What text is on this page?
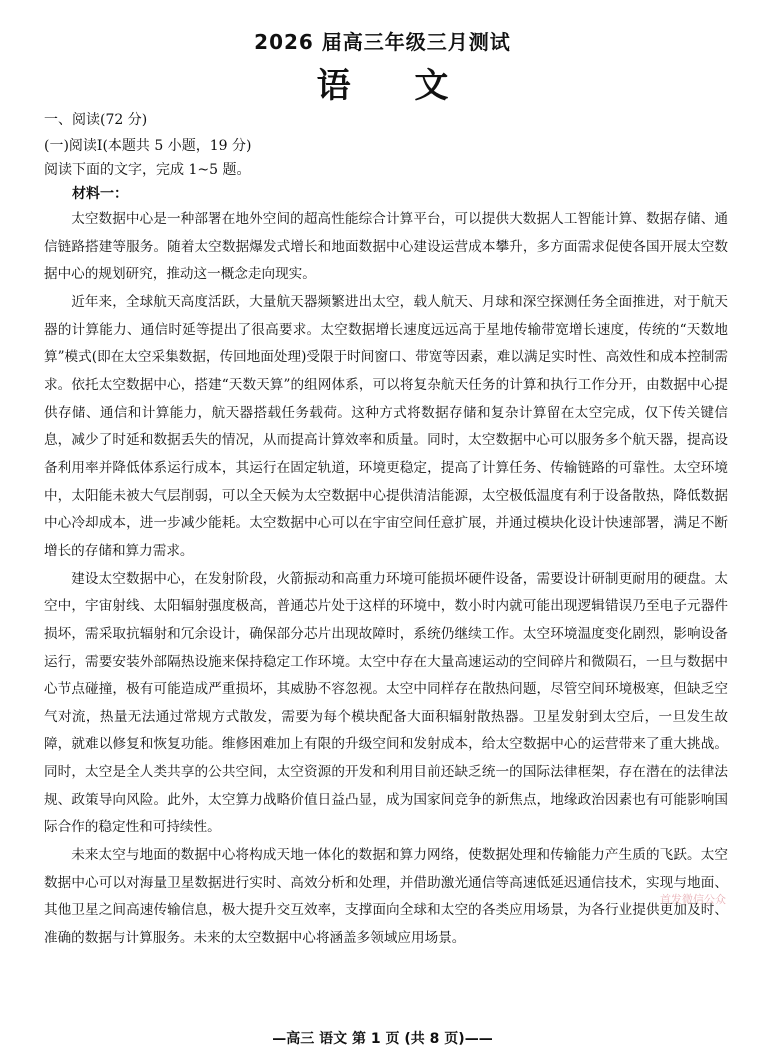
2026 届高三年级三月测试
语 文
一、阅读(72 分)
(一)阅读Ⅰ(本题共 5 小题，19 分)
阅读下面的文字，完成 1~5 题。
材料一：

太空数据中心是一种部署在地外空间的超高性能综合计算平台，可以提供大数据人工智能计算、数据存储、通信链路搭建等服务。随着太空数据爆发式增长和地面数据中心建设运营成本攀升，多方面需求促使各国开展太空数据中心的规划研究，推动这一概念走向现实。

近年来，全球航天高度活跃，大量航天器频繁进出太空，载人航天、月球和深空探测任务全面推进，对于航天器的计算能力、通信时延等提出了很高要求。太空数据增长速度远远高于星地传输带宽增长速度，传统的“天数地算”模式(即在太空采集数据，传回地面处理)受限于时间窗口、带宽等因素，难以满足实时性、高效性和成本控制需求。依托太空数据中心，搭建“天数天算”的组网体系，可以将复杂航天任务的计算和执行工作分开，由数据中心提供存储、通信和计算能力，航天器搭载任务载荷。这种方式将数据存储和复杂计算留在太空完成，仅下传关键信息，减少了时延和数据丢失的情况，从而提高计算效率和质量。同时，太空数据中心可以服务多个航天器，提高设备利用率并降低体系运行成本，其运行在固定轨道，环境更稳定，提高了计算任务、传输链路的可靠性。太空环境中，太阳能未被大气层削弱，可以全天候为太空数据中心提供清洁能源，太空极低温度有利于设备散热，降低数据中心冷却成本，进一步减少能耗。太空数据中心可以在宇宙空间任意扩展，并通过模块化设计快速部署，满足不断增长的存储和算力需求。

建设太空数据中心，在发射阶段，火箭振动和高重力环境可能损坏硬件设备，需要设计研制更耐用的硬盘。太空中，宇宙射线、太阳辐射强度极高，普通芯片处于这样的环境中，数小时内就可能出现逻辑错误乃至电子元器件损坏，需采取抗辐射和冗余设计，确保部分芯片出现故障时，系统仍继续工作。太空环境温度变化剧烈，影响设备运行，需要安装外部隔热设施来保持稳定工作环境。太空中存在大量高速运动的空间碎片和微陨石，一旦与数据中心节点碰撞，极有可能造成严重损坏，其威胁不容忽视。太空中同样存在散热问题，尽管空间环境极寒，但缺乏空气对流，热量无法通过常规方式散发，需要为每个模块配备大面积辐射散热器。卫星发射到太空后，一旦发生故障，就难以修复和恢复功能。维修困难加上有限的升级空间和发射成本，给太空数据中心的运营带来了重大挑战。同时，太空是全人类共享的公共空间，太空资源的开发和利用目前还缺乏统一的国际法律框架，存在潜在的法律法规、政策导向风险。此外，太空算力战略价值日益凸显，成为国家间竞争的新焦点，地缘政治因素也有可能影响国际合作的稳定性和可持续性。

未来太空与地面的数据中心将构成天地一体化的数据和算力网络，使数据处理和传输能力产生质的飞跃。太空数据中心可以对海量卫星数据进行实时、高效分析和处理，并借助激光通信等高速低延迟通信技术，实现与地面、其他卫星之间高速传输信息，极大提升交互效率，支撑面向全球和太空的各类应用场景，为各行业提供更加及时、准确的数据与计算服务。未来的太空数据中心将涵盖多领域应用场景。

首发微信公众
—高三 语文 第 1 页 (共 8 页)——
